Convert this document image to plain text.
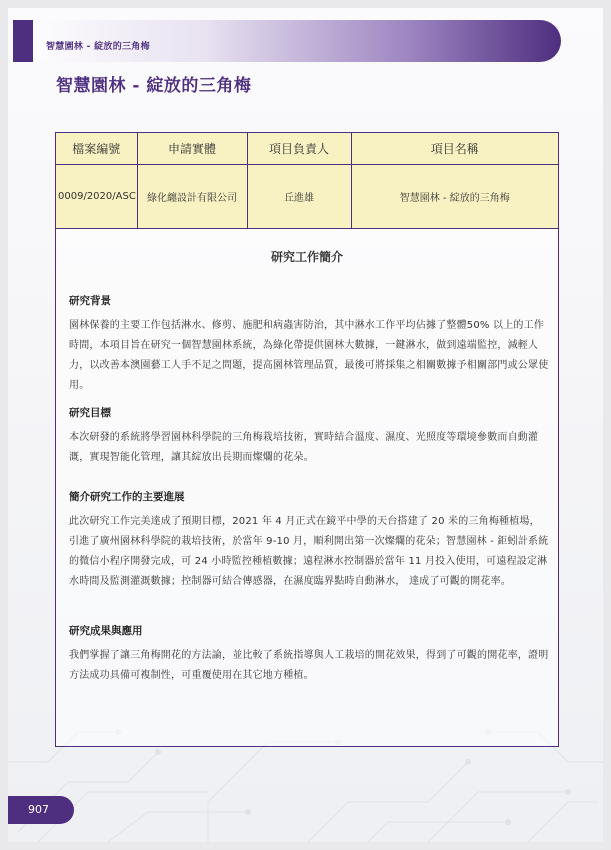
智慧園林 - 綻放的三角梅
智慧園林 - 綻放的三角梅
檔案編號	申請實體	項目負責人	項目名稱
0009/2020/ASC	綠化纏設計有限公司	丘進雄	智慧園林 - 綻放的三角梅
研究工作簡介
研究背景

園林保養的主要工作包括淋水、修剪、施肥和病蟲害防治，其中淋水工作平均佔據了整體50% 以上的工作時間，本項目旨在研究一個智慧園林系統，為綠化帶提供園林大數據，一鍵淋水，做到遠端監控，減輕人力，以改善本澳園藝工人手不足之問題，提高園林管理品質，最後可將採集之相關數據予相關部門或公眾使用。

研究目標

本次研發的系統將學習園林科學院的三角梅栽培技術，實時結合溫度、濕度、光照度等環境參數而自動灌溉，實現智能化管理，讓其綻放出長期而燦爛的花朵。

簡介研究工作的主要進展

此次研究工作完美達成了預期目標，2021 年 4 月正式在鏡平中學的天台搭建了 20 米的三角梅種植場，引進了廣州園林科學院的栽培技術，於當年 9-10 月，順利開出第一次燦爛的花朵；智慧園林 - 鉅蚓計系統的微信小程序開發完成，可 24 小時監控種植數據；遠程淋水控制器於當年 11 月投入使用，可遠程設定淋水時間及監測灌溉數據；控制器可結合傳感器，在濕度臨界點時自動淋水， 達成了可觀的開花率。

研究成果與應用

我們掌握了讓三角梅開花的方法論，並比較了系統指導與人工栽培的開花效果，得到了可觀的開花率，證明方法成功具備可複制性，可重覆使用在其它地方種植。

907
